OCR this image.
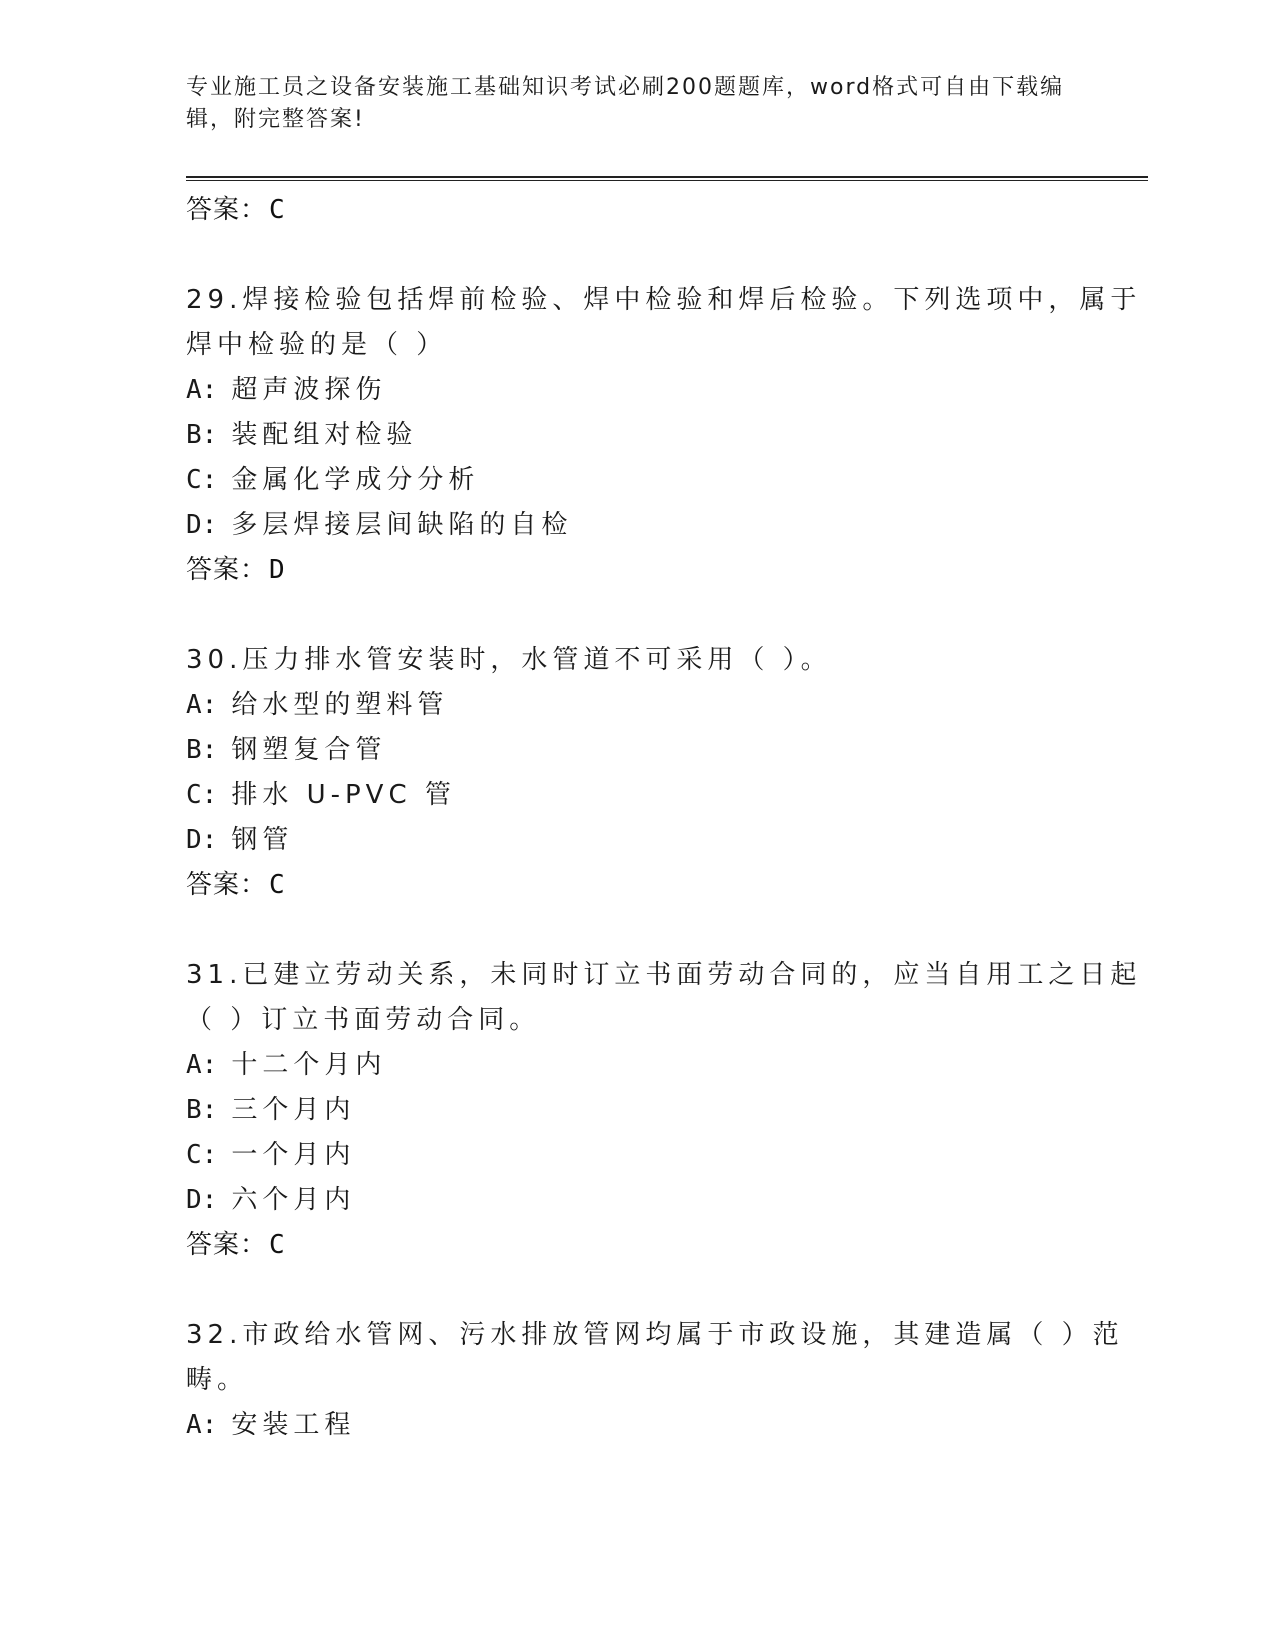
专业施工员之设备安装施工基础知识考试必刷200题题库，word格式可自由下载编辑，附完整答案!
答案：C
29.焊接检验包括焊前检验、焊中检验和焊后检验。下列选项中，属于
焊中检验的是（ ）
A: 超声波探伤
B: 装配组对检验
C: 金属化学成分分析
D: 多层焊接层间缺陷的自检
答案：D
30.压力排水管安装时，水管道不可采用（ ）。
A: 给水型的塑料管
B: 钢塑复合管
C: 排水 U-PVC 管
D: 钢管
答案：C
31.已建立劳动关系，未同时订立书面劳动合同的，应当自用工之日起
（ ）订立书面劳动合同。
A: 十二个月内
B: 三个月内
C: 一个月内
D: 六个月内
答案：C
32.市政给水管网、污水排放管网均属于市政设施，其建造属（ ）范
畴。
A: 安装工程
